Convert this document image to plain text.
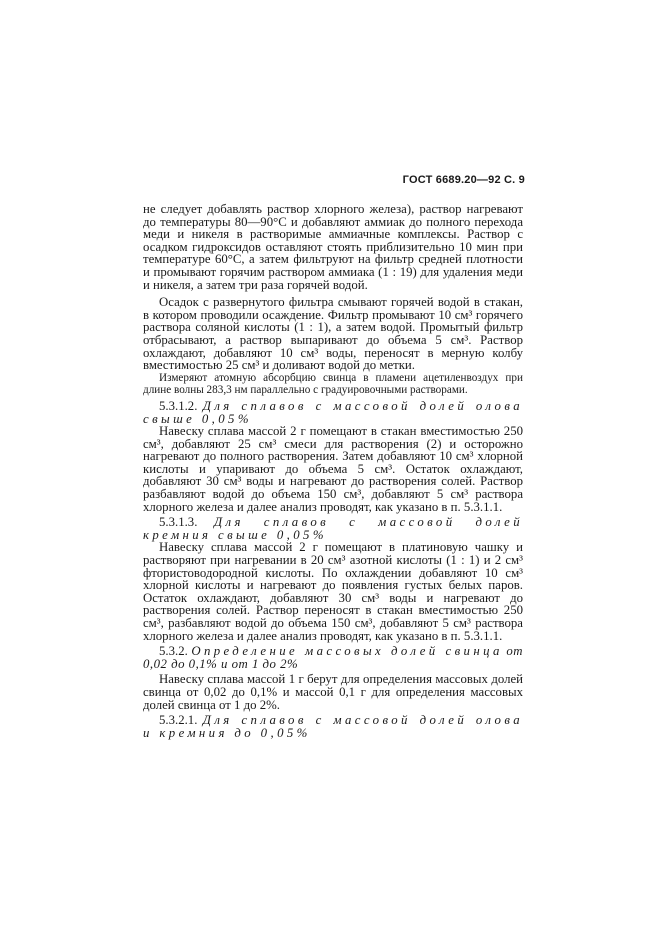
ГОСТ 6689.20—92 С. 9

не следует добавлять раствор хлорного железа), раствор нагревают до температуры 80—90°С и добавляют аммиак до полного перехода меди и никеля в растворимые аммиачные комплексы. Раствор с осадком гидроксидов оставляют стоять приблизительно 10 мин при температуре 60°С, а затем фильтруют на фильтр средней плотности и промывают горячим раствором аммиака (1 : 19) для удаления меди и никеля, а затем три раза горячей водой.

Осадок с развернутого фильтра смывают горячей водой в стакан, в котором проводили осаждение. Фильтр промывают 10 см³ горячего раствора соляной кислоты (1 : 1), а затем водой. Промытый фильтр отбрасывают, а раствор выпаривают до объема 5 см³. Раствор охлаждают, добавляют 10 см³ воды, переносят в мерную колбу вместимостью 25 см³ и доливают водой до метки.

Измеряют атомную абсорбцию свинца в пламени ацетиленвоздух при длине волны 283,3 нм параллельно с градуировочными растворами.

5.3.1.2. Для сплавов с массовой долей олова свыше 0,05%

Навеску сплава массой 2 г помещают в стакан вместимостью 250 см³, добавляют 25 см³ смеси для растворения (2) и осторожно нагревают до полного растворения. Затем добавляют 10 см³ хлорной кислоты и упаривают до объема 5 см³. Остаток охлаждают, добавляют 30 см³ воды и нагревают до растворения солей. Раствор разбавляют водой до объема 150 см³, добавляют 5 см³ раствора хлорного железа и далее анализ проводят, как указано в п. 5.3.1.1.

5.3.1.3. Для сплавов с массовой долей кремния свыше 0,05%

Навеску сплава массой 2 г помещают в платиновую чашку и растворяют при нагревании в 20 см³ азотной кислоты (1 : 1) и 2 см³ фтористоводородной кислоты. По охлаждении добавляют 10 см³ хлорной кислоты и нагревают до появления густых белых паров. Остаток охлаждают, добавляют 30 см³ воды и нагревают до растворения солей. Раствор переносят в стакан вместимостью 250 см³, разбавляют водой до объема 150 см³, добавляют 5 см³ раствора хлорного железа и далее анализ проводят, как указано в п. 5.3.1.1.

5.3.2. Определение массовых долей свинца от 0,02 до 0,1% и от 1 до 2%

Навеску сплава массой 1 г берут для определения массовых долей свинца от 0,02 до 0,1% и массой 0,1 г для определения массовых долей свинца от 1 до 2%.

5.3.2.1. Для сплавов с массовой долей олова и кремния до 0,05%
